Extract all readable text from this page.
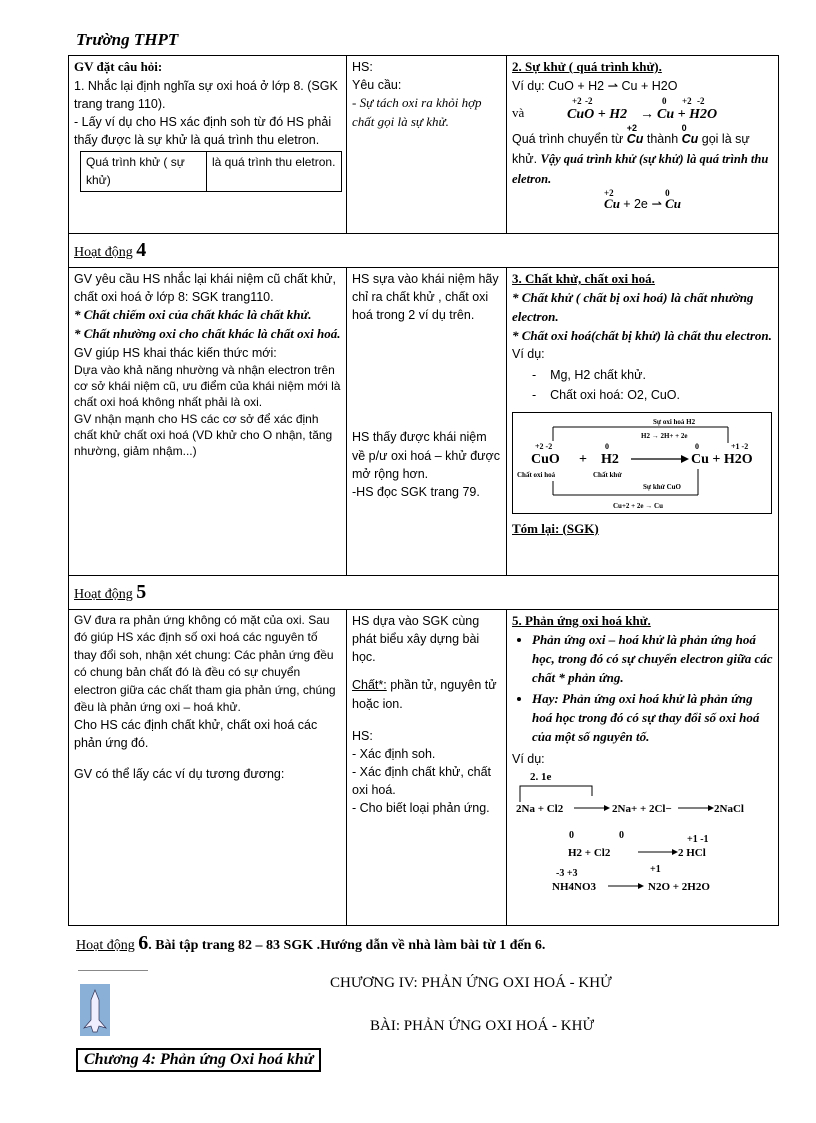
Trường THPT
GV đặt câu hỏi:
1. Nhắc lại định nghĩa sự oxi hoá ở lớp 8. (SGK trang trang 110).
- Lấy ví dụ cho HS xác định soh từ đó HS phải thấy được là sự khử là quá trình thu eletron.
Quá trình khử ( sự khử)	là quá trình thu eletron.

HS:
Yêu cầu:
- Sự tách oxi ra khỏi hợp chất gọi là sự khử.

2. Sự khử ( quá trình khử).
Ví dụ: CuO + H2 ⇀ Cu + H2O
và
+2 -2
CuO + H2 →
0 +2 -2
Cu + H2O
Quá trình chuyển từ
+2
Cu thành
0
Cu gọi là sự khử. Vậy quá trình khử (sự khử) là quá trình thu eletron.
+2
Cu + 2e ⇀
0
Cu

Hoạt động 4

GV yêu cầu HS nhắc lại khái niệm cũ chất khử, chất oxi hoá ở lớp 8: SGK trang110.
* Chất chiếm oxi của chất khác là chất khử.
* Chất nhường oxi cho chất khác là chất oxi hoá.
GV giúp HS khai thác kiến thức mới:
Dựa vào khả năng nhường và nhận electron trên cơ sở khái niệm cũ, ưu điểm của khái niệm mới là chất oxi hoá không nhất phải là oxi.
GV nhận mạnh cho HS các cơ sở để xác định chất khử chất oxi hoá (VD khử cho O nhận, tăng nhường, giảm nhậm...)

HS sựa vào khái niệm hãy chỉ ra chất khử , chất oxi hoá trong 2 ví dụ trên.
HS thấy được khái niệm về p/ư oxi hoá – khử được mở rộng hơn.
-HS đọc SGK trang 79.

3. Chất khử, chất oxi hoá.
* Chất khử ( chất bị oxi hoá) là chất nhường electron.
* Chất oxi hoá(chất bị khử) là chất thu electron.
Ví dụ:
-    Mg, H2 chất khử.
-    Chất oxi hoá: O2, CuO.
Sự oxi hoá H2
H2 → 2H+ + 2e
+2 -2
CuO +
0
H2
0	+1 -2
Cu + H2O
Chất oxi hoá	Chất khử
Sự khử CuO
Cu+2 + 2e → Cu
Tóm lại: (SGK)

Hoạt động 5

GV đưa ra phản ứng không có mặt của oxi. Sau đó giúp HS xác định số oxi hoá các nguyên tố thay đổi soh, nhận xét chung: Các phản ứng đều có chung bản chất đó là đều có sự chuyển electron giữa các chất tham gia phản ứng, chúng đều là phản ứng oxi – hoá khử.
Cho HS các định chất khử, chất oxi hoá các phản ứng đó.
GV có thể lấy các ví dụ tương đương:

HS dựa vào SGK cùng phát biểu xây dựng bài học.
Chất*: phần tử, nguyên tử hoặc ion.
HS:
- Xác định soh.
- Xác định chất khử, chất oxi hoá.
- Cho biết loại phản ứng.

5. Phản ứng oxi hoá khử.
• Phản ứng oxi – hoá khử là phản ứng hoá học, trong đó có sự chuyển electron giữa các chất * phản ứng.
• Hay: Phản ứng oxi hoá khử là phản ứng hoá học trong đó có sự thay đổi số oxi hoá của một số nguyên tố.
Ví dụ:
2. 1e
2Na + Cl2	2Na+ + 2Cl−	2NaCl
0	0	+1 -1
H2 + Cl2	2 HCl
-3 +3	+1
NH4NO3	N2O + 2H2O
Hoạt động 6. Bài tập trang 82 – 83 SGK .Hướng dẫn về nhà làm bài từ 1 đến 6.
CHƯƠNG IV: PHẢN ỨNG OXI HOÁ - KHỬ
BÀI: PHẢN ỨNG OXI HOÁ - KHỬ
Chương 4: Phản ứng Oxi hoá khử
